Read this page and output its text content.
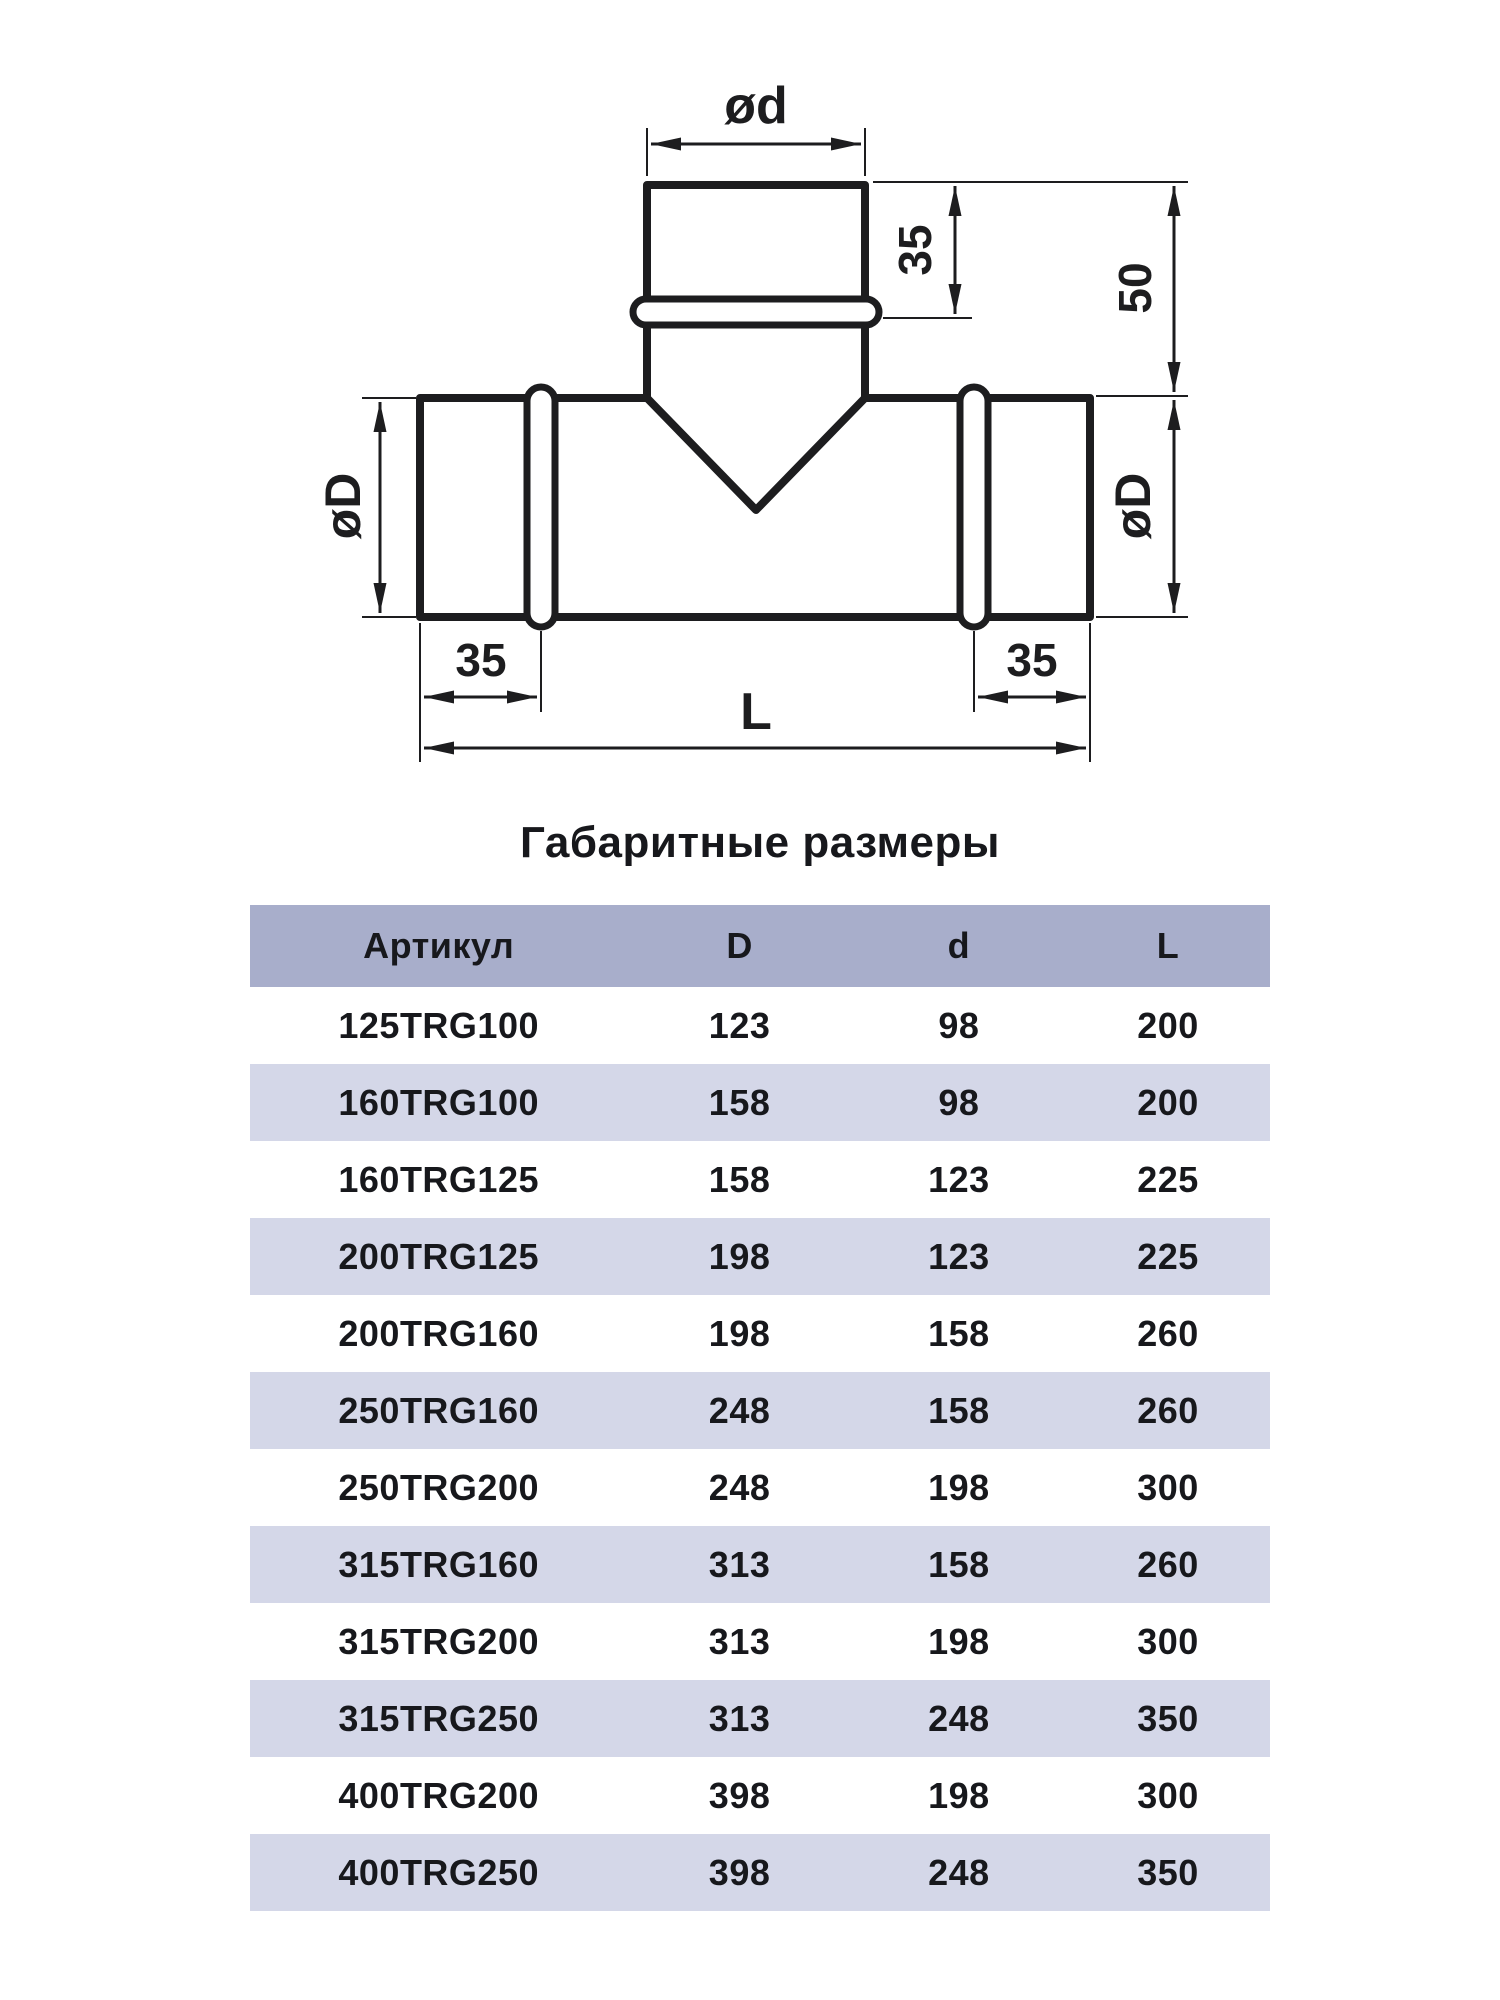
ød
35
50
øD
øD
35	35
L
Габаритные размеры
Артикул	D	d	L
125TRG100	123	98	200
160TRG100	158	98	200
160TRG125	158	123	225
200TRG125	198	123	225
200TRG160	198	158	260
250TRG160	248	158	260
250TRG200	248	198	300
315TRG160	313	158	260
315TRG200	313	198	300
315TRG250	313	248	350
400TRG200	398	198	300
400TRG250	398	248	350
